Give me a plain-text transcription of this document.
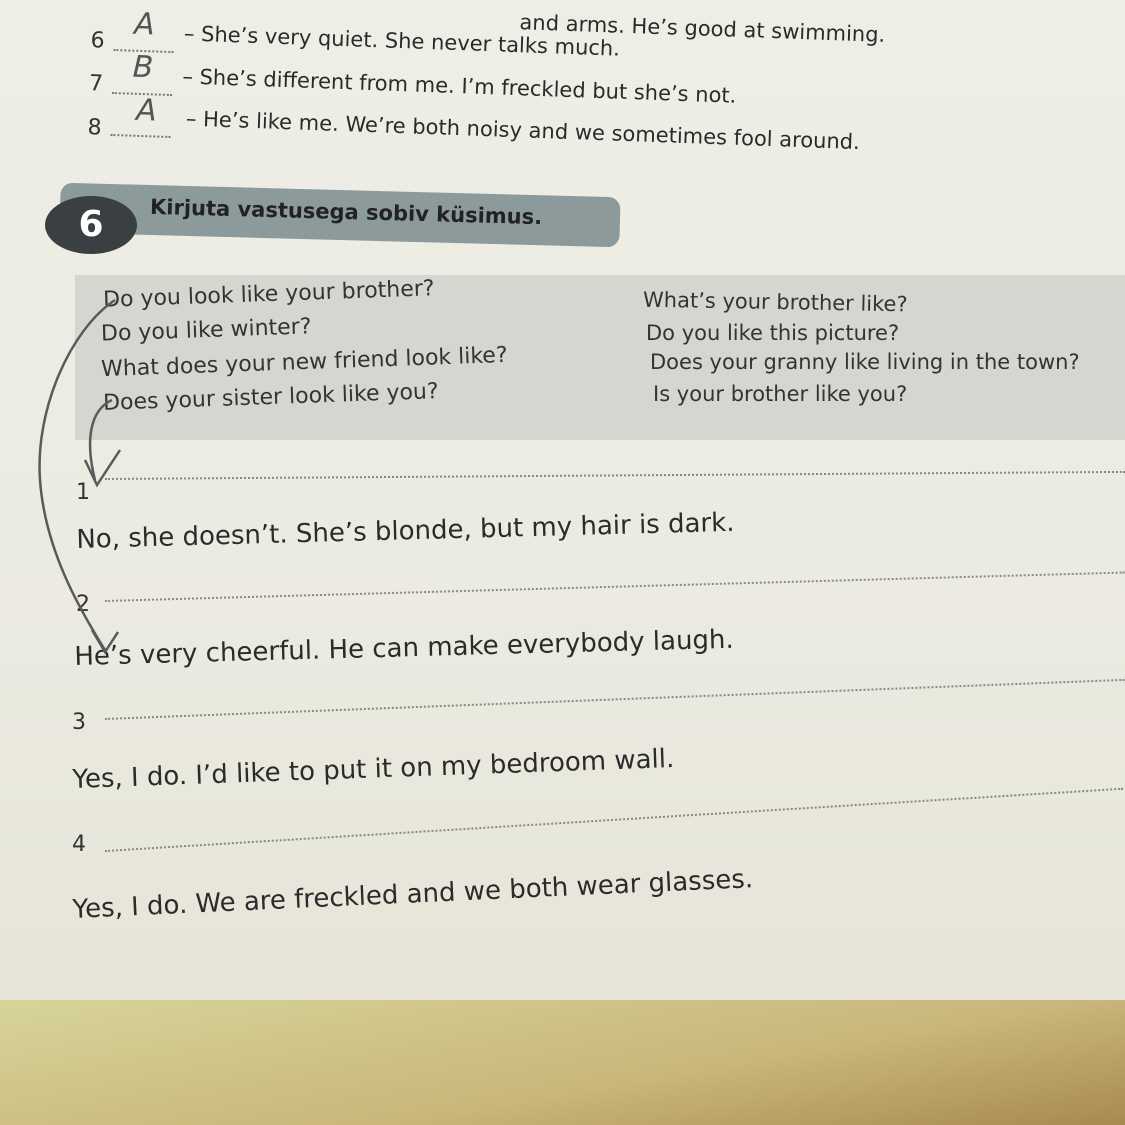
and arms. He’s good at swimming.
6 A – She’s very quiet. She never talks much.
7 B – She’s different from me. I’m freckled but she’s not.
8 A – He’s like me. We’re both noisy and we sometimes fool around.
6	Kirjuta vastusega sobiv küsimus.
Do you look like your brother?
Do you like winter?
What does your new friend look like?
Does your sister look like you?
What’s your brother like?
Do you like this picture?
Does your granny like living in the town?
Is your brother like you?
1
No, she doesn’t. She’s blonde, but my hair is dark.
2
He’s very cheerful. He can make everybody laugh.
3
Yes, I do. I’d like to put it on my bedroom wall.
4
Yes, I do. We are freckled and we both wear glasses.
